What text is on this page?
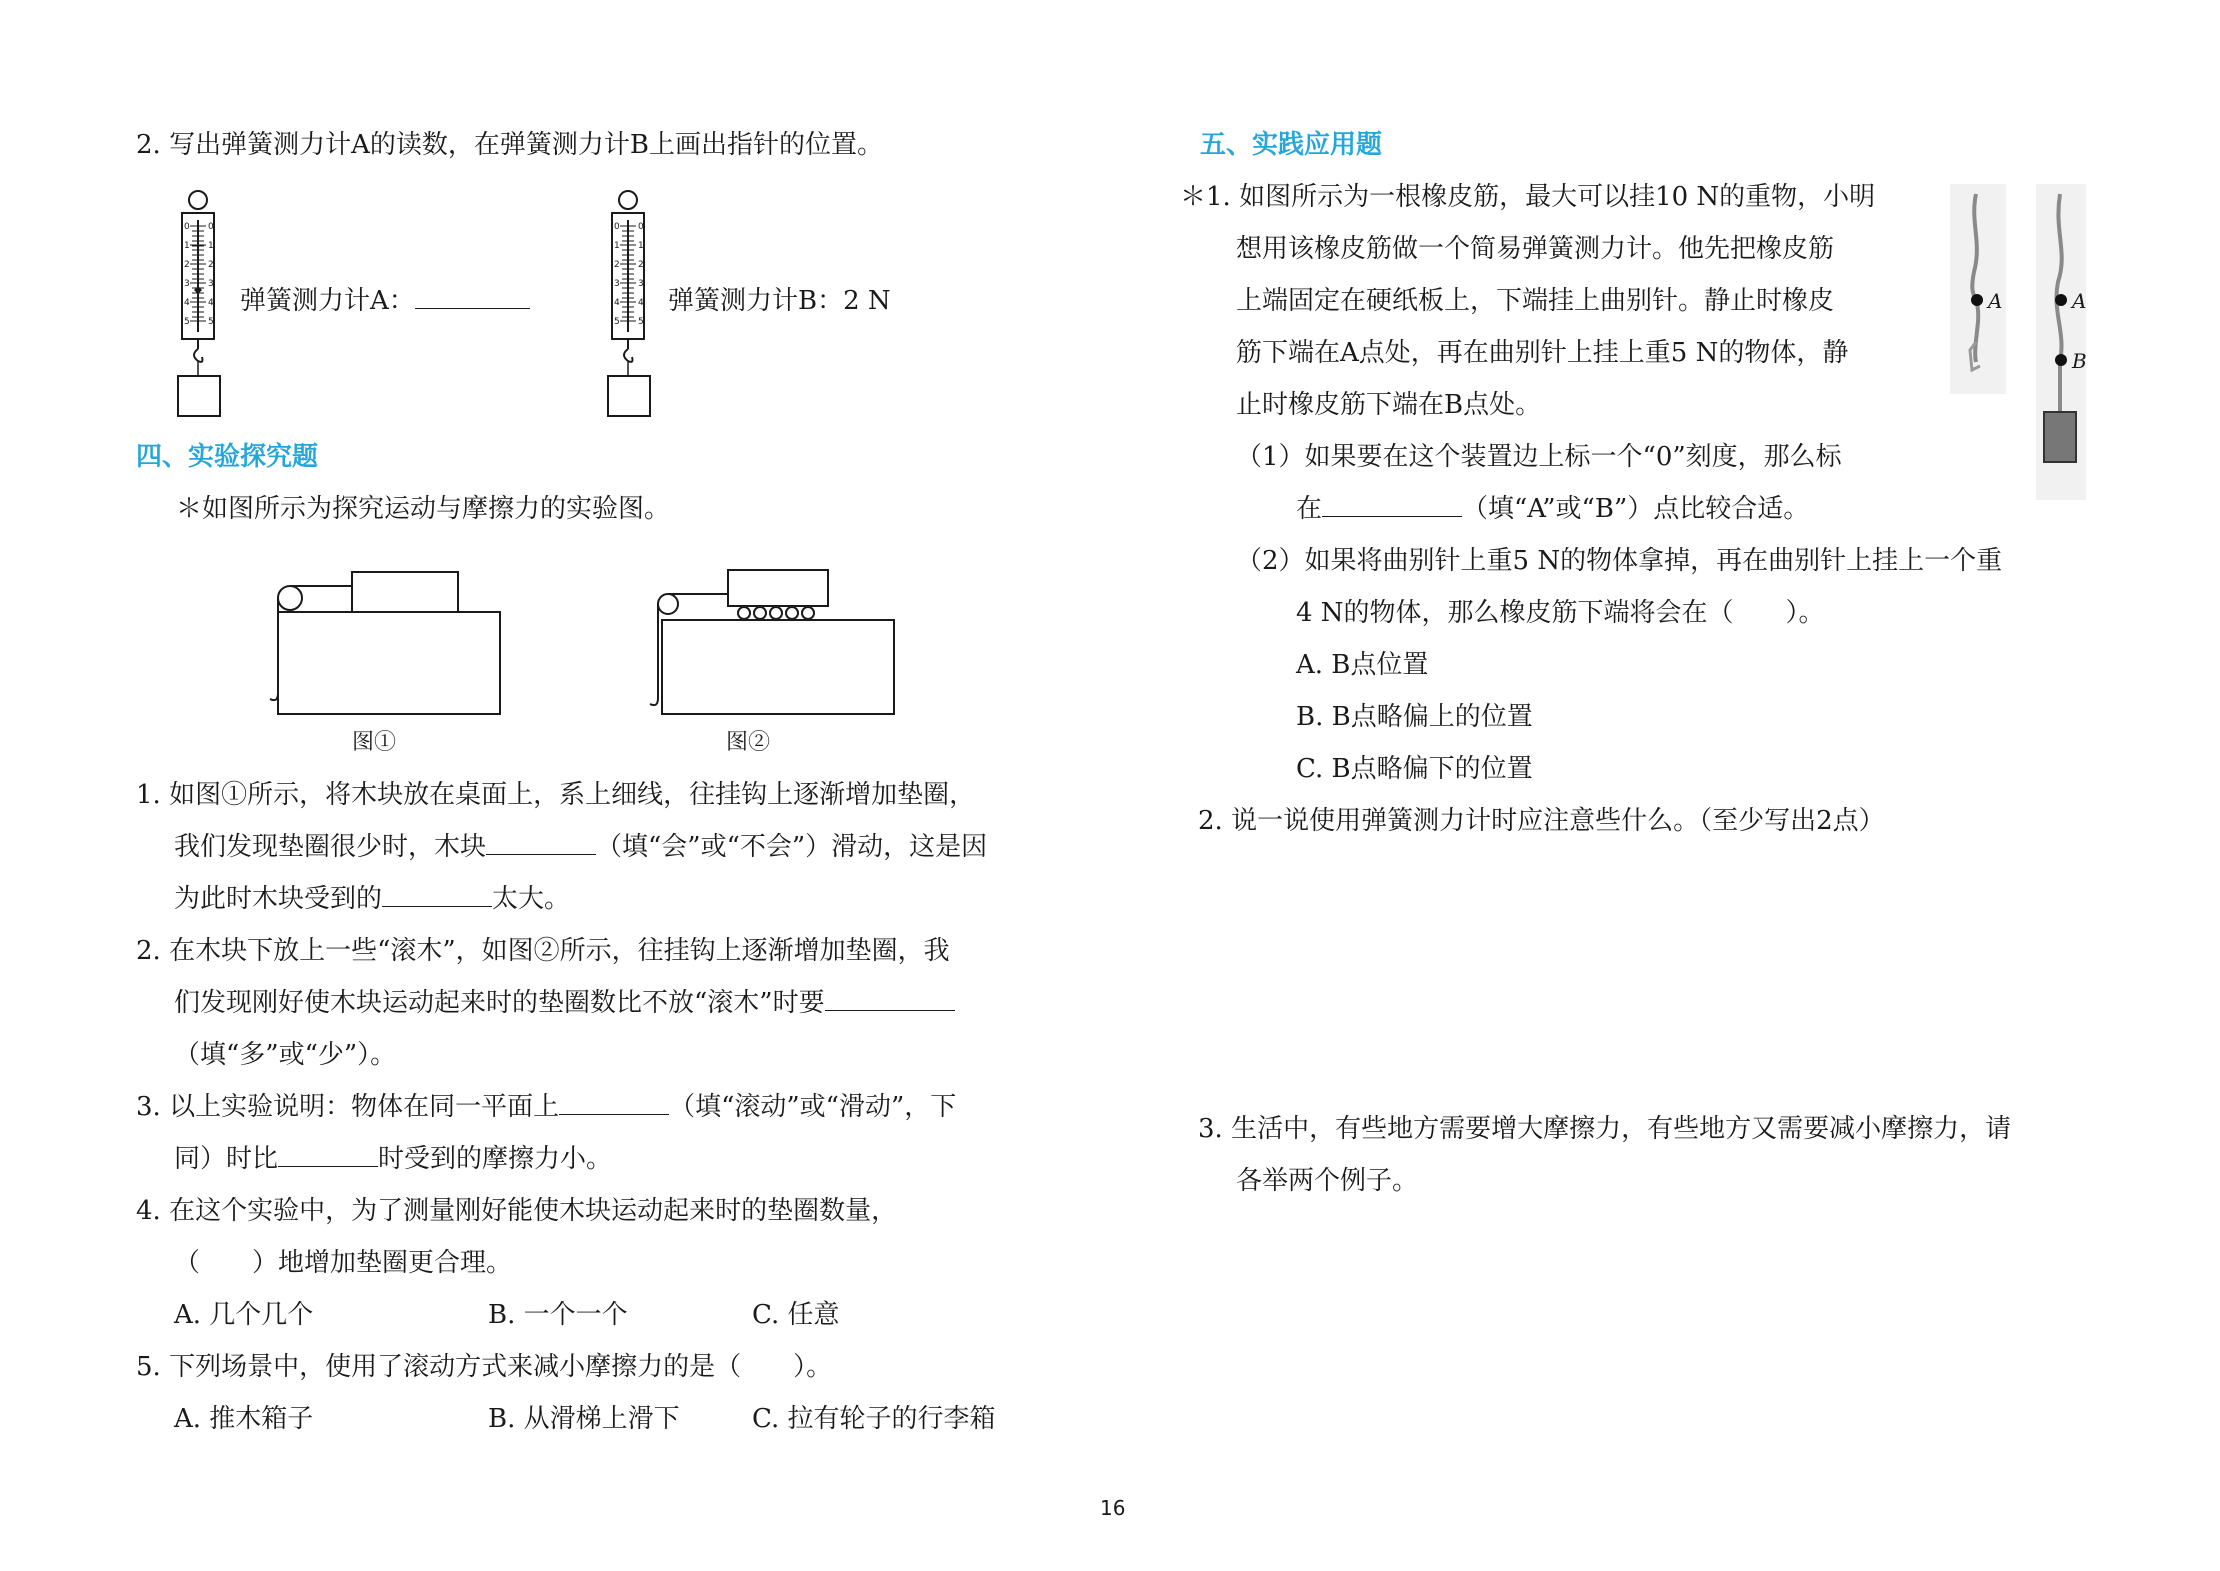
2. 写出弹簧测力计A的读数，在弹簧测力计B上画出指针的位置。
0 0
1 1
2 2
3 3
4 4
5 5
弹簧测力计A：
0 0
1 1
2 2
3 3
4 4
5 5
弹簧测力计B：2 N
四、实验探究题
＊如图所示为探究运动与摩擦力的实验图。
图①	图②
1. 如图①所示，将木块放在桌面上，系上细线，往挂钩上逐渐增加垫圈，
我们发现垫圈很少时，木块	（填“会”或“不会”）滑动，这是因
为此时木块受到的	太大。
2. 在木块下放上一些“滚木”，如图②所示，往挂钩上逐渐增加垫圈，我
们发现刚好使木块运动起来时的垫圈数比不放“滚木”时要
（填“多”或“少”）。
3. 以上实验说明：物体在同一平面上	（填“滚动”或“滑动”，下
同）时比	时受到的摩擦力小。
4. 在这个实验中，为了测量刚好能使木块运动起来时的垫圈数量，
（　　）地增加垫圈更合理。
A. 几个几个	B. 一个一个	C. 任意
5. 下列场景中，使用了滚动方式来减小摩擦力的是（　　）。
A. 推木箱子	B. 从滑梯上滑下	C. 拉有轮子的行李箱
五、实践应用题
＊1. 如图所示为一根橡皮筋，最大可以挂10 N的重物，小明
想用该橡皮筋做一个简易弹簧测力计。他先把橡皮筋
上端固定在硬纸板上，下端挂上曲别针。静止时橡皮
筋下端在A点处，再在曲别针上挂上重5 N的物体，静
止时橡皮筋下端在B点处。
A	A
B
（1）如果要在这个装置边上标一个“0”刻度，那么标
在	（填“A”或“B”）点比较合适。
（2）如果将曲别针上重5 N的物体拿掉，再在曲别针上挂上一个重
4 N的物体，那么橡皮筋下端将会在（　　）。
A. B点位置
B. B点略偏上的位置
C. B点略偏下的位置
2. 说一说使用弹簧测力计时应注意些什么。（至少写出2点）
3. 生活中，有些地方需要增大摩擦力，有些地方又需要减小摩擦力，请
各举两个例子。
16
